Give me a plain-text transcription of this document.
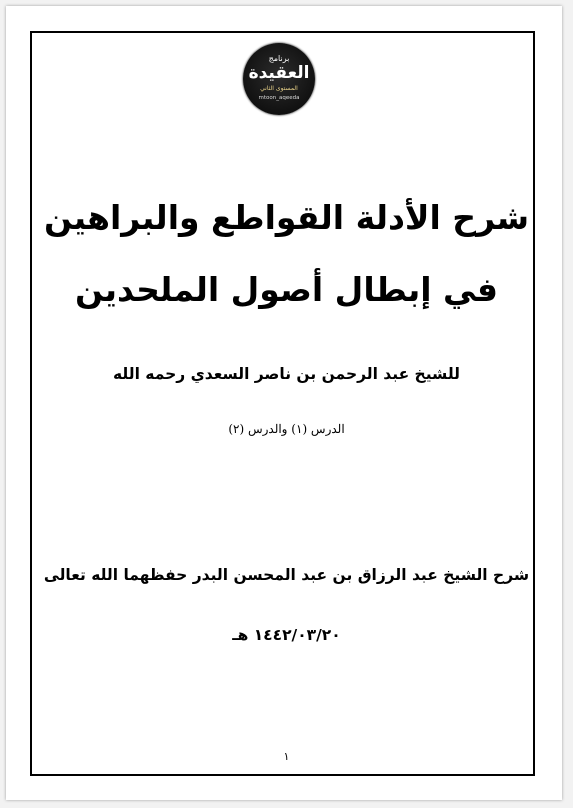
برنامج
العقيدة
المستوى الثاني
mtoon_aqeeda
شرح الأدلة القواطع والبراهين
في إبطال أصول الملحدين
للشيخ عبد الرحمن بن ناصر السعدي رحمه الله
الدرس (١) والدرس (٢)
شرح الشيخ عبد الرزاق بن عبد المحسن البدر حفظهما الله تعالى
١٤٤٢/٠٣/٢٠ هـ
١
